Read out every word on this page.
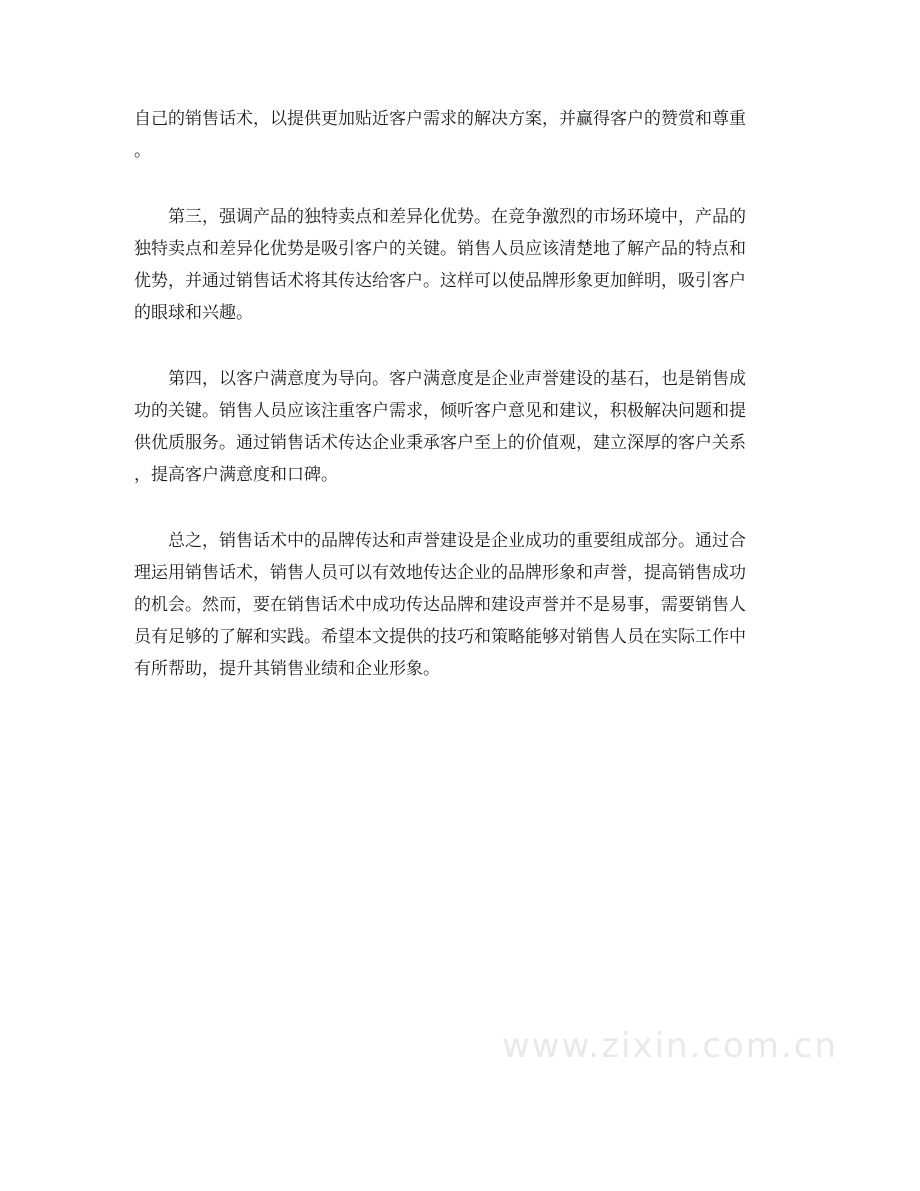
自己的销售话术，以提供更加贴近客户需求的解决方案，并赢得客户的赞赏和尊重
。
第三，强调产品的独特卖点和差异化优势。在竞争激烈的市场环境中，产品的
独特卖点和差异化优势是吸引客户的关键。销售人员应该清楚地了解产品的特点和
优势，并通过销售话术将其传达给客户。这样可以使品牌形象更加鲜明，吸引客户
的眼球和兴趣。
第四，以客户满意度为导向。客户满意度是企业声誉建设的基石，也是销售成
功的关键。销售人员应该注重客户需求，倾听客户意见和建议，积极解决问题和提
供优质服务。通过销售话术传达企业秉承客户至上的价值观，建立深厚的客户关系
，提高客户满意度和口碑。
总之，销售话术中的品牌传达和声誉建设是企业成功的重要组成部分。通过合
理运用销售话术，销售人员可以有效地传达企业的品牌形象和声誉，提高销售成功
的机会。然而，要在销售话术中成功传达品牌和建设声誉并不是易事，需要销售人
员有足够的了解和实践。希望本文提供的技巧和策略能够对销售人员在实际工作中
有所帮助，提升其销售业绩和企业形象。
www.zixin.com.cn
